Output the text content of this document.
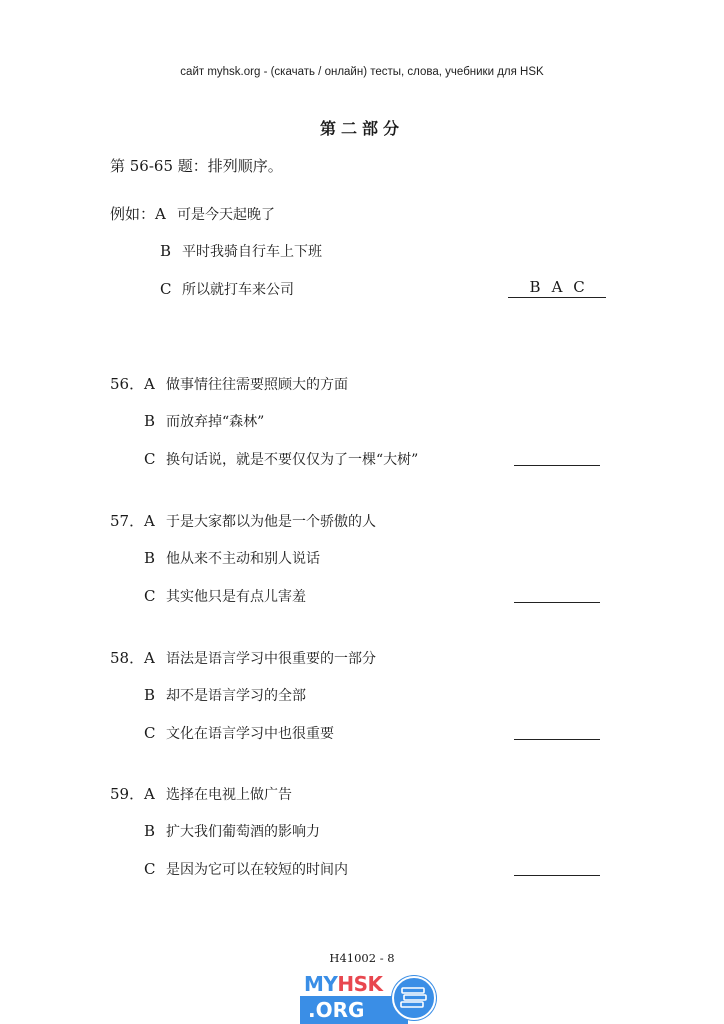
сайт myhsk.org - (скачать / онлайн) тесты, слова, учебники для HSK
第二部分
第 56-65 题：排列顺序。
例如：A 可是今天起晚了
B 平时我骑自行车上下班
C 所以就打车来公司	B A C
56．A 做事情往往需要照顾大的方面
B 而放弃掉“森林”
C 换句话说，就是不要仅仅为了一棵“大树”
57．A 于是大家都以为他是一个骄傲的人
B 他从来不主动和别人说话
C 其实他只是有点儿害羞
58．A 语法是语言学习中很重要的一部分
B 却不是语言学习的全部
C 文化在语言学习中也很重要
59．A 选择在电视上做广告
B 扩大我们葡萄酒的影响力
C 是因为它可以在较短的时间内
H41002 - 8
MYHSK
.ORG
